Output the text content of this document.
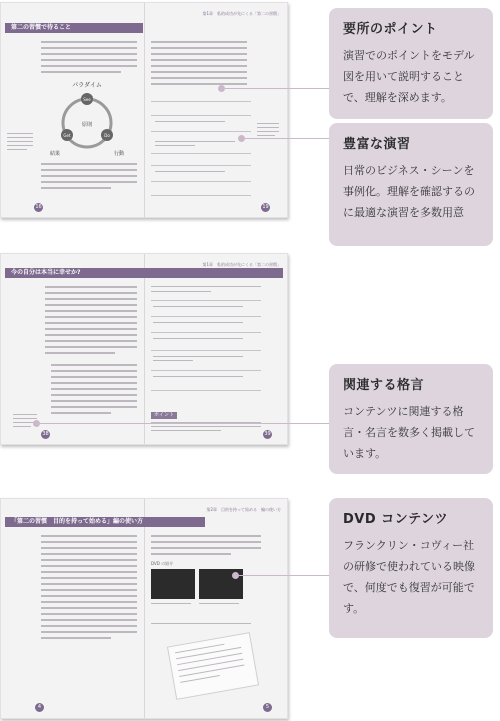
第1章　私的成功が先にくる「第二の習慣」
第二の習慣で待ること
See
Do
Get
パラダイム
原則
結果	行動
16	19
第1章　私的成功が先にくる「第二の習慣」
今の自分は本当に幸せか?
ポイント
38	39
第2章　目的を持って始める　編の使い方
「第二の習慣　目的を持って始める」編の使い方
DVD の紹介
4	5
要所のポイント
演習でのポイントをモデル図を用いて説明することで、理解を深めます。
豊富な演習
日常のビジネス・シーンを事例化。理解を確認するのに最適な演習を多数用意
関連する格言
コンテンツに関連する格言・名言を数多く掲載しています。
DVD コンテンツ
フランクリン・コヴィー社の研修で使われている映像で、何度でも復習が可能です。
